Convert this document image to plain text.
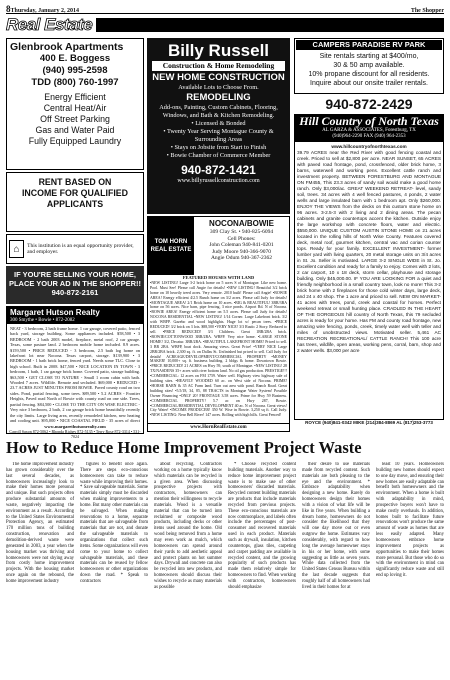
8 Thursday, January 2, 2014	The Shopper
Real Estate
Glenbrook Apartments
400 E. Boggess
(940) 995-2598
TDD (800) 760-1997
Energy Efficient
Central Heat/Air
Off Street Parking
Gas and Water Paid
Fully Equipped Laundry
RENT BASED ON
INCOME FOR QUALIFIED
APPLICANTS
⌂	This institution is an equal opportunity provider, and employer.
IF YOU'RE SELLING YOUR HOME,
PLACE YOUR AD IN THE SHOPPER!!
940-872-2161
Margaret Hutson Realty
300 Smythe • Bowie • 872-2082
NEAT - 3 bedroom, 2 bath frame home. 1 car garage, covered patio, fenced back yard, storage building. Some appliances included. $58,500 • 3 BEDROOM - 2 bath 2003 model, fireplace, metal roof, 2 car garage. Texas, some pasture land. 2 bedroom mobile home included. 8.9 acres. $159,500 • PRICE REDUCED - 3 bedroom, 2.5 bath log home on lakefront lot near Nocona. Texas carport, storage. $139,900 • 3 BEDROOM - 1 bath brick home, fenced yard. Needs some TLC. Close to high school. Built in 2008. $47,500 • NICE LOCATION IN TOWN - 3 bedroom, 1 bath, 1 car garage brick home. Covered patio, storage building. $63,500 • GET CLOSE TO NATURE - Small 1 room cabin with bath. Wooded 7 acres. Wildlife. Remote and secluded. $69,000 • REDUCED - 23.7 ACRES JUST MINUTES FROM BOWIE. Paved county road on two sides. Pond, partial fencing, some trees. $89,500 • 5.2 ACRES - Frontier Heights, Paved road North of Bowie with county road on one side. Trees, partial fencing. $84,500 • CLOSE TO THE CITY ON WISE ELECTRIC - Very nice 3 bedroom, 2 bath, 2 car garage brick home beautifully recently the city limits. Large living area, recently remodeled kitchen, new heating and cooling unit. $95,000 • NICE COASTAL FIELD - 35 acres of direct
www.margarethutsonrealty.com
Carroll Saxon 872-5062 • Rhonda Richey 872-5135 • Terry Rose 872-3314 • 531-7024
Billy Russell
Construction & Home Remodeling
NEW HOME CONSTRUCTION
Available Lots to Choose From.
REMODELING
Add-ons, Painting, Custom Cabinets, Flooring, Windows, and Bath & Kitchen Remodeling.
• Licensed & Bonded
• Twenty Year Serving Montague County & Surrounding Areas
• Stays on Jobsite from Start to Finish
• Bowie Chamber of Commerce Member
940-872-1421
www.billyrussellconstruction.com
TOM HORN
REAL ESTATE
NOCONA/BOWIE
309 Clay St. • 940-825-6094
Cell Phones:
John Coleman 940-841-0201
Judy Moore 940-366-9070
Angie Odum 940-367-2362
FEATURED HOUSES WITH LAND
•NEW LISTING! Large 3-2 brick home on 5 acres S of Montague. Like new home. Pool. Must See! Please call Angie for details! •NEW LISTING! Beautiful 3/2 brick home on 10 heavily treed acres. Very remote. 2010 built! Please call Angie! •BOWIE AREA! Energy efficient 4/2.5 Ranch home on 3/2 acres. Please call Judy for details! •MONTAGUE AREA! 2/1 Brick home on 10 acres. •BIG & BEAUTIFUL! 3BR/3BA home on 56 acres. Nice barn, pipe fencing, 3 nice ponds. Airport Rd. N of Nocona. •BOWIE AREA! Energy efficient home on 5.5 acres. Please call Judy for details! NOCONA RESIDENTIAL •NEW LISTING! 1/14 Corner. Large Lakefront brick. 3/2 with WBFP. Gazebo and wood highlights. Huge lot w/ pecan trees. •PRICE REDUCED! 3/2 brick on 3 lots. $88,500 •VERY NICE! 3/3 Rustic 2 Story. Reduced to sell. •PRICE REDUCED! 3/3 Childress. Great 1BR/2BA brick. •BOWIE/COTTONWOOD 3BR/2BA. WBFP. Very nice home. •LARGE STONE HOME! 3/2, Decatur. 3BR/2BA. •BEAUTIFUL LAKEFRONT HOME! Priced to sell. 3 BR 2BA. WBFP, boat dock. Amazing views. Great Price! •VERY NICE Large 2BR/2BA brick. 2,300 sq. ft. on Dallas St. Unfinished but priced to sell. Call Judy for details! ACREAGE/DEVELOPMENT/COMMERCIAL PROPERTY •MONEY MAKER! 10,000+ sq. ft. business building. 2 bldgs & home. Downtown Bowie. •PRICE REDUCED! 21 ACRES on Hwy 59, south of Montague. •NEW LISTING! 28 TX/NASDENS 35+ acres with river bottom land. No oil gas production. PRESTIGE!!! •COMMERCIAL: 12 acres on FM 1759. Water well. Highway view highway sale of building sites. •HEAVILY WOODED 60 ac. on West side of Nocona. PRIME! •HORSE BARN & 35 AC Farm land. Turn out area with pond. Ranch Road. Great building sites! •5.5/18, 34, 85, 88 TRACTS in Montague Water System! Possible Owner Financing •ONLY 20! FRONTAGE 3.58 acres. Prime for Hwy 59 Business. •COMMERCIAL PROPERTY! 5.7 ac on Hwy 287, Bowie. •COMMERCIAL/RESIDENTIAL DEVELOPMENT 40 ac. N of Nocona. Great views! City Water! •INCOME PRODUCER! 350 W. Wise in Bowie. 3,250 sq ft. Call Judy. •NEW LISTING: Near Bell River! 147 acres. Rolling with high hills. Great Fenced!
www.HornRealEstate.com
CAMPERS PARADISE RV PARK
Site rentals starting at $400/mo,
30 & 50 amp available.
10% propane discount for all residents.
Inquire about our onsite trailer rentals.
940-872-2429
Hill Country of North Texas
AL GARZA & ASSOCIATES, Forestburg, TX
(940)964-2290 FAX (940) 964-2353
www.hillcountryofnorthtexas.com
39.79 ACRES near the Red River with good fencing coastal and creek. Priced to sell at $2,800 per acre. NEAR SUNSET, 65 ACRES with paved road frontage, pond, crossfenced, older brick home, 3 barns, waterwell and working pens. Excellent cattle ranch and investment property. BETWEEN FORESTBURG AND MONTAGUE ON FM455, This 23.3 acres of sandy soil would make a good home ranch. Only $3,000/ac. GREAT WEEKEND RETREAT- level, sandy soil, trees. 34 acres with 4 well fenced pastures, 4 ponds, 2 water wells and large insulated barn with 1 bedroom apt. Only $260,000. ENJOY THE VIEWS from the decks on this custom stone home on 96 acres. 3-2.5-3 with 2 living and 2 dining areas. The pecan cabinets and granite countertops accent the kitchen. Outside enjoy the large workshop with concrete floors, water and electric. $550,000. UNIQUE CUSTOM AUSTIN STONE HOME on 21 acres located in the rolling hills of North Wise County. Features covered deck, metal roof, gourmet kitchen, central vac and corian counter tops. Ready for your family. EXCELLENT INVESTMENT- former lumber yard with living quarters, 20 metal storage units on 3/4 acres in St. Jo. Seller is motivated. LARGE 3-2 SINGLE WIDE in St. Jo. Excellent condition and ready for a family to enjoy. Comes with 2 lots, 2 car carport, 10 x 18 deck, storm cellar, playhouse and storage building. Only $45,000.00. IF YOU ARE LOOKING FOR a quiet and friendly neighborhood in a small country town, look no more! This 3-2 brick home with 2 fireplaces for those cold winter days, large deck, and 24 x 40 shop. The 1 acre and priced to sell. NEW ON MARKET-41 acres with trees, pond, creek and coastal for horses. Perfect weekend retreat or small hunting place. CRADLED IN THE HEART OF THE GORGEOUS hill country of North Texas, this 79 secluded acres is ready for your home. Has FM and county road frontage, new amazing wire fencing, ponds, creek, timely water well with teller and miles of unobstructed views. Motivated seller. 5,461 AC RECREATION RECREATIONAL/ CATTLE RANCH! This 100 acre has trees, wildlife, open areas, working pens, corral, barn, shop and 2 water wells. $3,000 per acre
ROYCE (940)841-0342 MIKE (214)384-8869 AL (817)253-3773
How to Reduce Home Improvement Project Waste

The home improvement industry has grown considerably over the last several decades, as homeowners increasingly look to make their homes more personal and unique. But such projects often produce substantial amounts of waste, negatively impacting the environment as a result. According to the United States Environmental Protection Agency, an estimated 170 million tons of building construction, renovation and demolition-derived waste were generated in 2003, a year when the housing market was thriving and homeowners were not shying away from costly home improvement projects. With the housing market once again on the rebound, the home improvement industry

figures to benefit once again. There are steps eco-conscious homeowners can take to reduce waste while improving their homes. * Save salvageable materials. Some materials simply must be discarded when making improvements to a home. But many other materials can be salvaged. When making renovations to a home, separate materials that are salvageable from materials that are not, and donate the salvageable materials to organizations that collect such items. Some organizations will even come to your home to collect salvageable materials, and these materials can be reused by fellow homeowners or other organizations down the road. * Speak to contractors

about recycling. Contractors working on a home typically know which materials can be recycled in a given area. When discussing prospective projects with contractors, homeowners can mention their willingness to recycle materials. Wood is a versatile material that can be turned into reclaimed or composite wood products, including decks or other items used around the home. Old wood being removed from a home may even work as mulch, which homeowners can spread around their yards to add aesthetic appeal and protect plants on hot summer days. Drywall and concrete can also be recycled into new products, and homeowners should discuss their wishes to recycle as many materials as possible

* Choose recycled content building materials. Another way to reduce home improvement project waste is to make use of other homeowners' discarded materials. Recycled content building materials are products that include materials recycled from previous projects. These eco-conscious materials are now commonplace, and labels often include the percentages of post-consumer and recovered materials used in each product. Materials such as drywall, insulation, kitchen countertops, glass tiles, carpeting and carpet padding are available in recycled content, and the growing popularity of such products has made them relatively simple for homeowners to find. When working with contractors, homeowners should emphasize

their desire to use materials made from recycled content. Such materials are both pleasing to the eye and the environment. * Embrace adaptability when designing a new home. Rarely do homeowners design their homes with a vision of what life will be like in five years. When building a dream home, homeowners do not consider the likelihood that they will one day move out or even outgrow the home. Estimates vary considerably, with regard to how long the average homeowner stays in his or her home, with some suggesting as little as seven years. While data collected from the United States Census Bureau within the last decade suggests that roughly half of all homeowners had lived in their homes for at

least 10 years. Homeowners building new homes should expect to one day move, and ensuring their new homes are easily adaptable can benefit both homeowners and the environment. When a home is built with adaptability in mind, prospective buyers won't have to make costly overhauls. In addition, homes built to facilitate future renovations won't produce the same amount of waste as homes that are less easily adapted. Many homeowners embrace home improvement projects as opportunities to make their homes more personal. But those who do so with the environment in mind can significantly reduce waste and still end up loving it.
